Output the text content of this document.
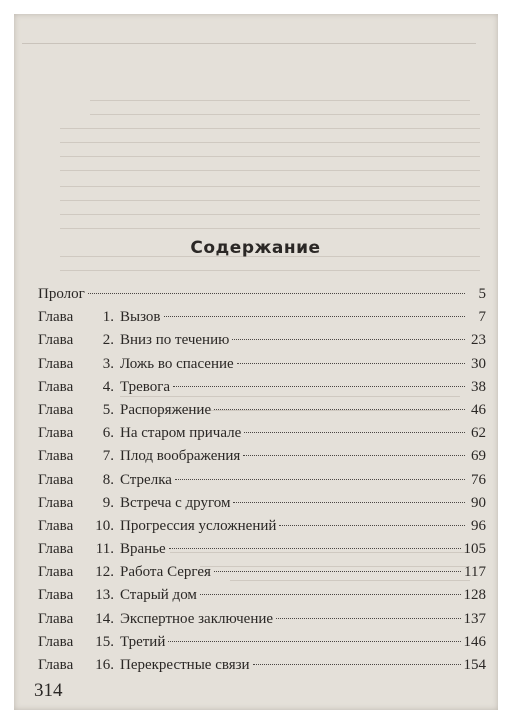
Содержание
Пролог	5
Глава	1. Вызов	7
Глава	2. Вниз по течению	23
Глава	3. Ложь во спасение	30
Глава	4. Тревога	38
Глава	5. Распоряжение	46
Глава	6. На старом причале	62
Глава	7. Плод воображения	69
Глава	8. Стрелка	76
Глава	9. Встреча с другом	90
Глава	10. Прогрессия усложнений	96
Глава	11. Вранье	105
Глава	12. Работа Сергея	117
Глава	13. Старый дом	128
Глава	14. Экспертное заключение	137
Глава	15. Третий	146
Глава	16. Перекрестные связи	154
314
